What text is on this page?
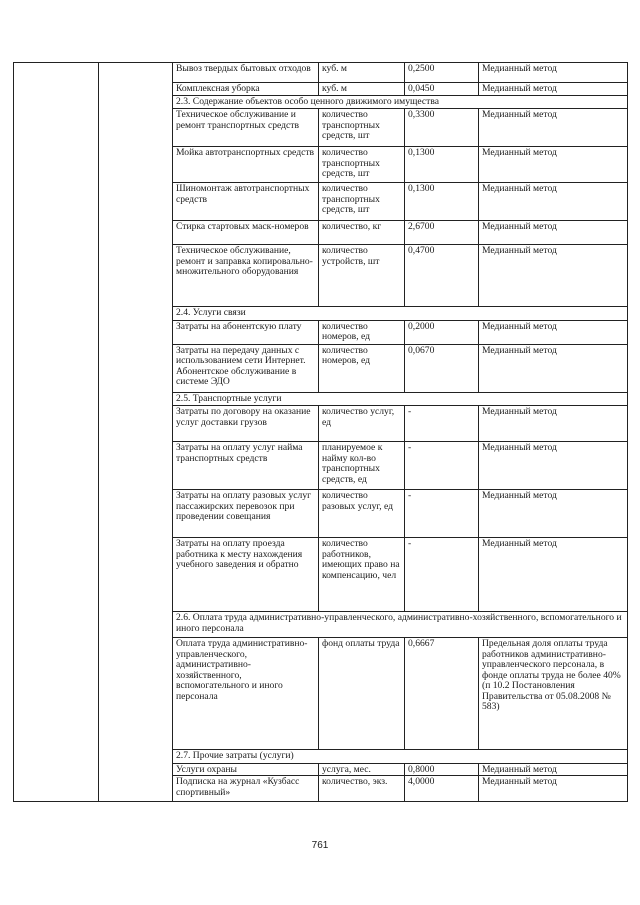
		Вывоз твердых бытовых отходов	куб. м	0,2500	Медианный метод
		Комплексная уборка	куб. м	0,0450	Медианный метод
		2.3. Содержание объектов особо ценного движимого имущества			
		Техническое обслуживание и ремонт транспортных средств	количество транспортных средств, шт	0,3300	Медианный метод
		Мойка автотранспортных средств	количество транспортных средств, шт	0,1300	Медианный метод
		Шиномонтаж автотранспортных средств	количество транспортных средств, шт	0,1300	Медианный метод
		Стирка стартовых маск-номеров	количество, кг	2,6700	Медианный метод
		Техническое обслуживание, ремонт и заправка копировально-множительного оборудования	количество устройств, шт	0,4700	Медианный метод
		2.4. Услуги связи			
		Затраты на абонентскую плату	количество номеров, ед	0,2000	Медианный метод
		Затраты на передачу данных с использованием сети Интернет. Абонентское обслуживание в системе ЭДО	количество номеров, ед	0,0670	Медианный метод
		2.5. Транспортные услуги			
		Затраты по договору на оказание услуг доставки грузов	количество услуг, ед	-	Медианный метод
		Затраты на оплату услуг найма транспортных средств	планируемое к найму кол-во транспортных средств, ед	-	Медианный метод
		Затраты на оплату разовых услуг пассажирских перевозок при проведении совещания	количество разовых услуг, ед	-	Медианный метод
		Затраты на оплату проезда работника к месту нахождения учебного заведения и обратно	количество работников, имеющих право на компенсацию, чел	-	Медианный метод
		2.6. Оплата труда административно-управленческого, административно-хозяйственного, вспомогательного и иного персонала			
		Оплата труда административно-управленческого, административно-хозяйственного, вспомогательного и иного персонала	фонд оплаты труда	0,6667	Предельная доля оплаты труда работников административно-управленческого персонала, в фонде оплаты труда не более 40% (п 10.2 Постановления Правительства от 05.08.2008 № 583)
		2.7. Прочие затраты (услуги)			
		Услуги охраны	услуга, мес.	0,8000	Медианный метод
		Подписка на журнал «Кузбасс спортивный»	количество, экз.	4,0000	Медианный метод
761
